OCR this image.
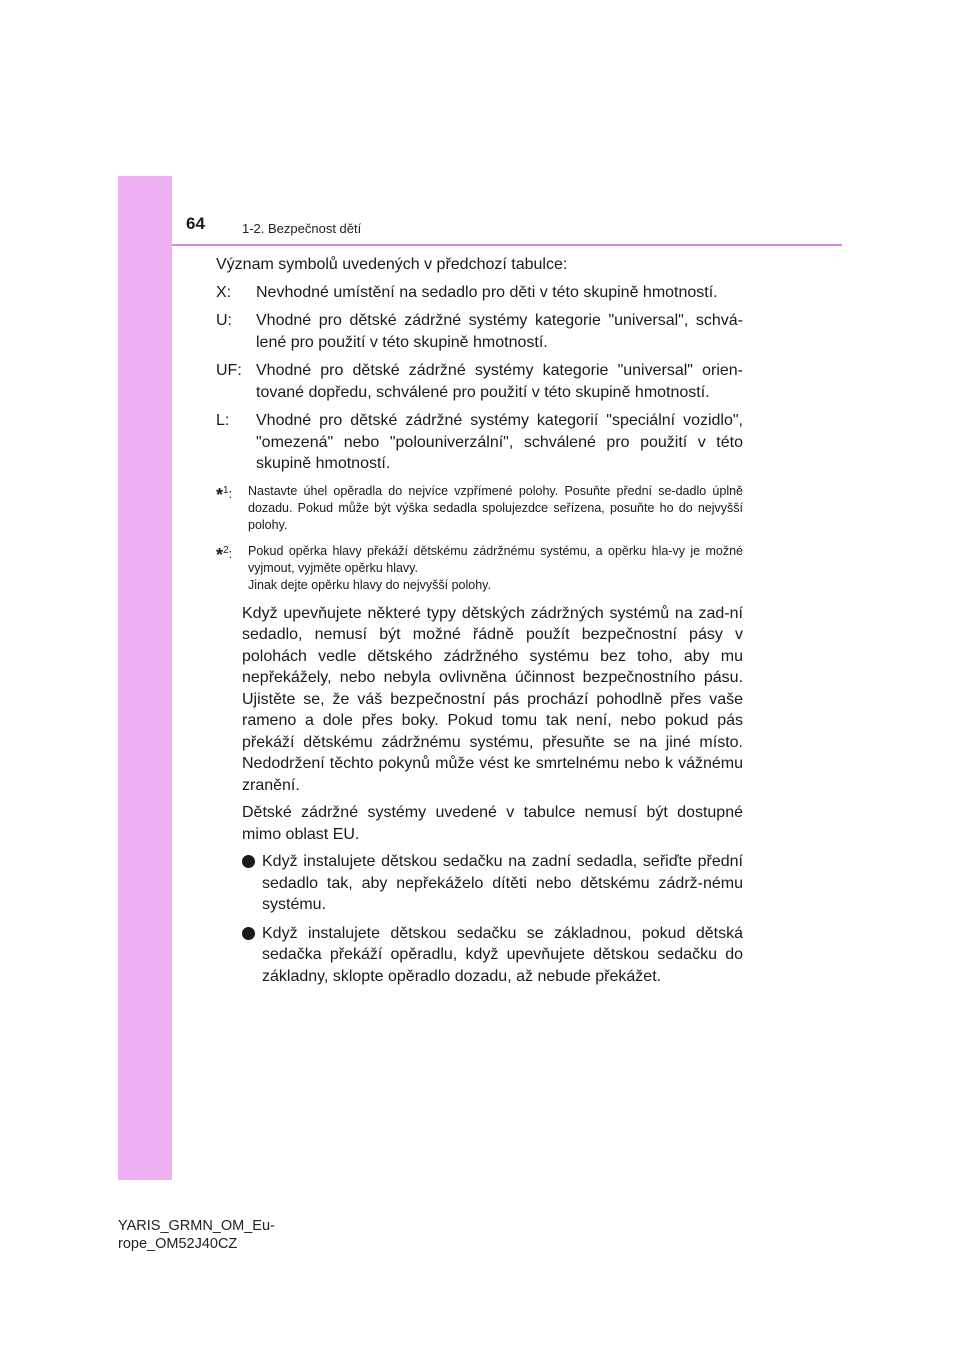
64	1-2. Bezpečnost dětí

Význam symbolů uvedených v předchozí tabulce:

X: Nevhodné umístění na sedadlo pro děti v této skupině hmotností.
U: Vhodné pro dětské zádržné systémy kategorie "universal", schvá-lené pro použití v této skupině hmotností.
UF: Vhodné pro dětské zádržné systémy kategorie "universal" orien-tované dopředu, schválené pro použití v této skupině hmotností.
L: Vhodné pro dětské zádržné systémy kategorií "speciální vozidlo", "omezená" nebo "polouniverzální", schválené pro použití v této skupině hmotností.
*$^1$: Nastavte úhel opěradla do nejvíce vzpřímené polohy. Posuňte přední se-dadlo úplně dozadu. Pokud může být výška sedadla spolujezdce seřízena, posuňte ho do nejvyšší polohy.
*$^2$: Pokud opěrka hlavy překáží dětskému zádržnému systému, a opěrku hla-vy je možné vyjmout, vyjměte opěrku hlavy.
Jinak dejte opěrku hlavy do nejvyšší polohy.

Když upevňujete některé typy dětských zádržných systémů na zad-ní sedadlo, nemusí být možné řádně použít bezpečnostní pásy v polohách vedle dětského zádržného systému bez toho, aby mu nepřekážely, nebo nebyla ovlivněna účinnost bezpečnostního pásu. Ujistěte se, že váš bezpečnostní pás prochází pohodlně přes vaše rameno a dole přes boky. Pokud tomu tak není, nebo pokud pás překáží dětskému zádržnému systému, přesuňte se na jiné místo. Nedodržení těchto pokynů může vést ke smrtelnému nebo k vážnému zranění.

Dětské zádržné systémy uvedené v tabulce nemusí být dostupné mimo oblast EU.

Když instalujete dětskou sedačku na zadní sedadla, seřiďte přední sedadlo tak, aby nepřekáželo dítěti nebo dětskému zádrž-nému systému.
Když instalujete dětskou sedačku se základnou, pokud dětská sedačka překáží opěradlu, když upevňujete dětskou sedačku do základny, sklopte opěradlo dozadu, až nebude překážet.
YARIS_GRMN_OM_Eu-
rope_OM52J40CZ
